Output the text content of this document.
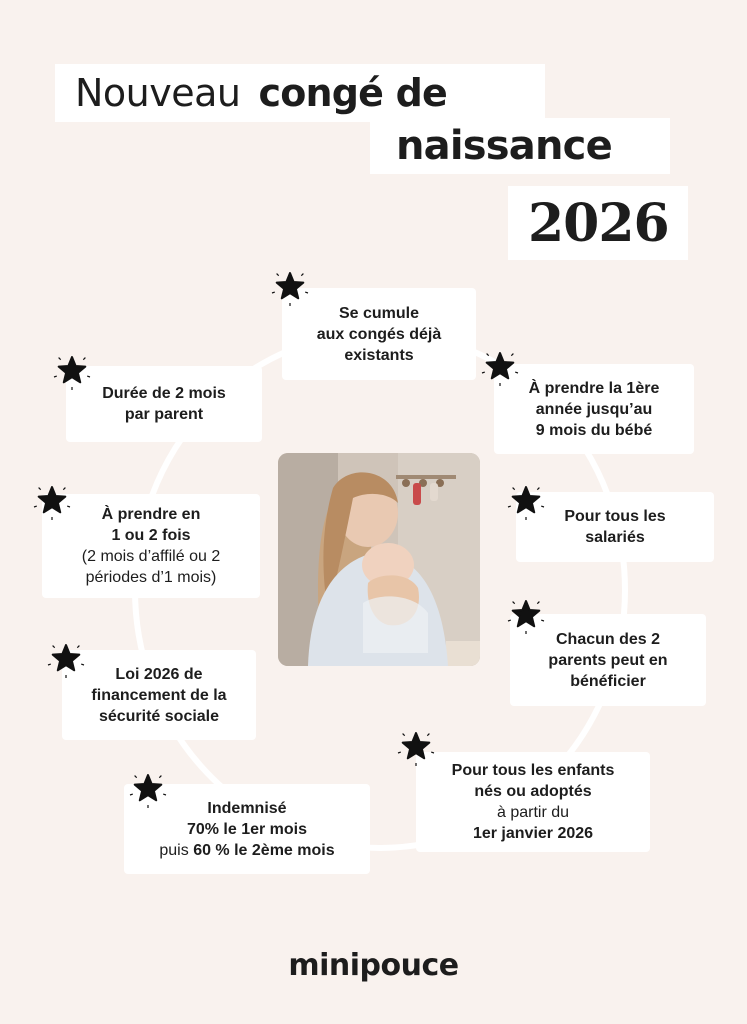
Nouveau congé de
naissance
2026
Se cumule
aux congés déjà
existants
À prendre la 1ère
année jusqu’au
9 mois du bébé
Pour tous les
salariés
Chacun des 2
parents peut en
bénéficier
Pour tous les enfants
nés ou adoptés
à partir du
1er janvier 2026
Indemnisé
70% le 1er mois
puis 60 % le 2ème mois
Loi 2026 de
financement de la
sécurité sociale
À prendre en
1 ou 2 fois
(2 mois d’affilé ou 2
périodes d’1 mois)
Durée de 2 mois
par parent
minipouce
